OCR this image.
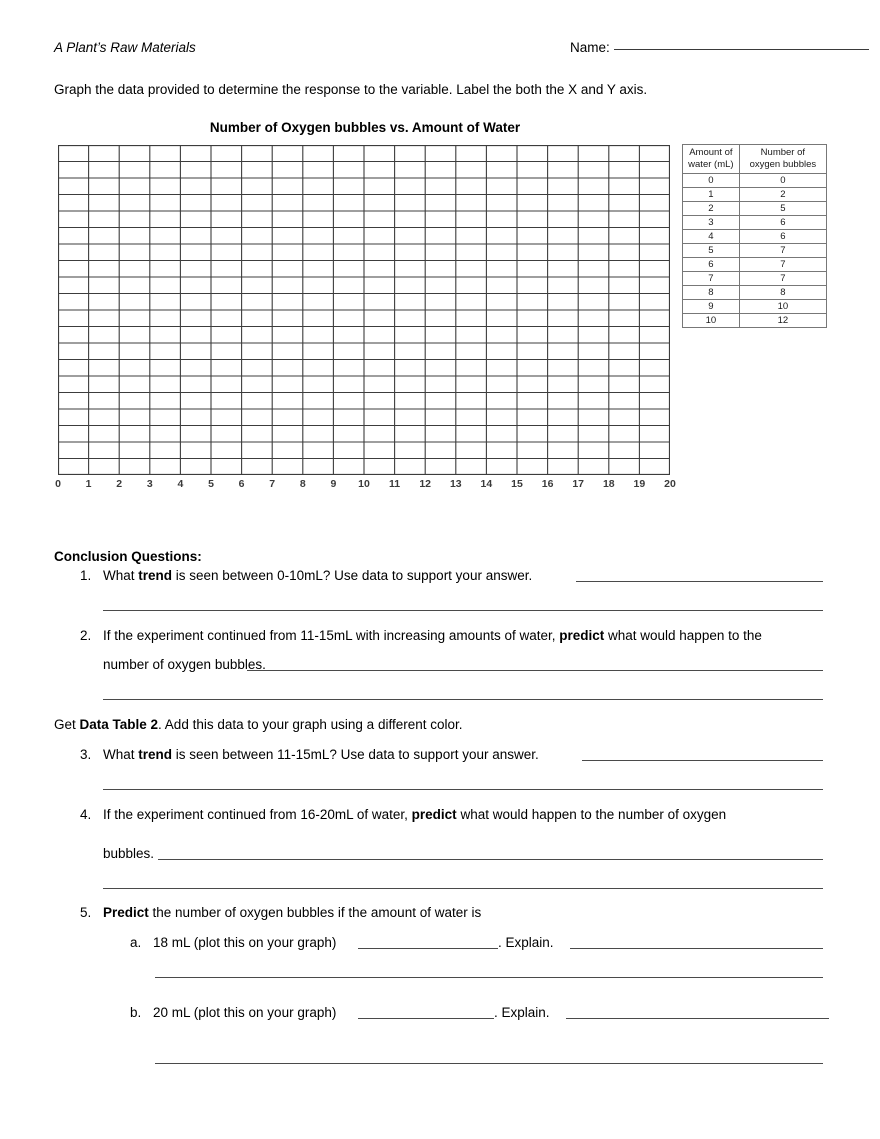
A Plant’s Raw Materials	Name:
Graph the data provided to determine the response to the variable. Label the both the X and Y axis.
Number of Oxygen bubbles vs. Amount of Water
0 1 2 3 4 5 6 7 8 9 10 11 12 13 14 15 16 17 18 19 20
Amount of
water (mL)

Number of
oxygen bubbles

0	0
1	2
2	5
3	6
4	6
5	7
6	7
7	7
8	8
9	10
10	12
Conclusion Questions:
1. What trend is seen between 0-10mL? Use data to support your answer.
2. If the experiment continued from 11-15mL with increasing amounts of water, predict what would happen to the
number of oxygen bubbles.
Get Data Table 2. Add this data to your graph using a different color.
3. What trend is seen between 11-15mL? Use data to support your answer.
4. If the experiment continued from 16-20mL of water, predict what would happen to the number of oxygen
bubbles.
5. Predict the number of oxygen bubbles if the amount of water is
a. 18 mL (plot this on your graph)	. Explain.
b. 20 mL (plot this on your graph)	. Explain.
